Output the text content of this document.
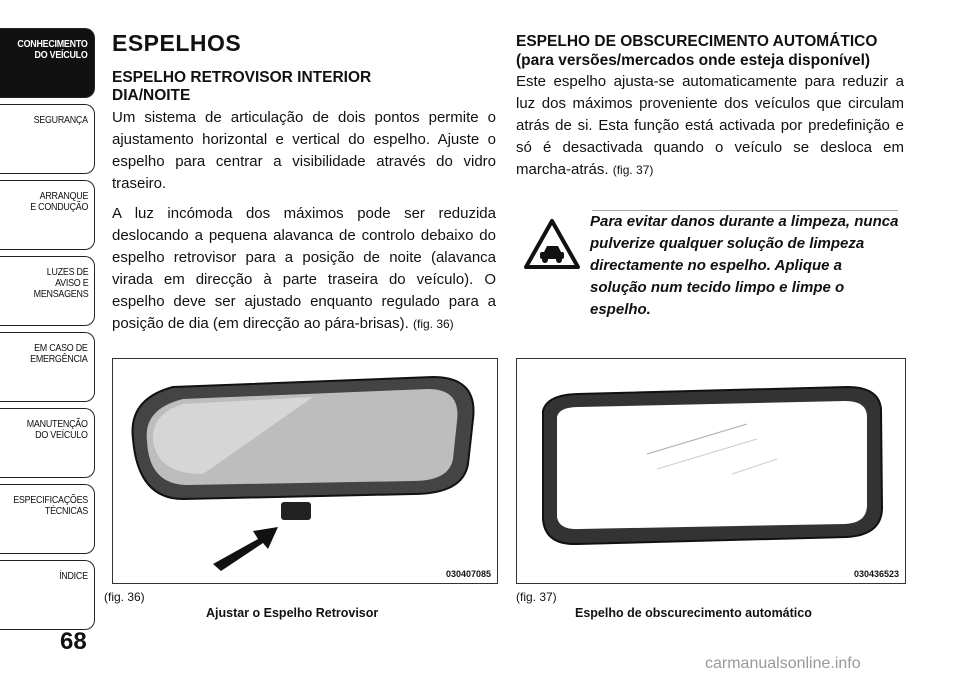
CONHECIMENTO
DO VEÍCULO
SEGURANÇA
ARRANQUE
E CONDUÇÃO
LUZES DE
AVISO E
MENSAGENS
EM CASO DE
EMERGÊNCIA
MANUTENÇÃO
DO VEÍCULO
ESPECIFICAÇÕES
TÉCNICAS
ÍNDICE
68
ESPELHOS
ESPELHO RETROVISOR INTERIOR DIA/NOITE

Um sistema de articulação de dois pontos permite o ajustamento horizontal e vertical do espelho. Ajuste o espelho para centrar a visibilidade através do vidro traseiro.

A luz incómoda dos máximos pode ser reduzida deslocando a pequena alavanca de controlo debaixo do espelho retrovisor para a posição de noite (alavanca virada em direcção à parte traseira do veículo). O espelho deve ser ajustado enquanto regulado para a posição de dia (em direcção ao pára-brisas). (fig. 36)

ESPELHO DE OBSCURECIMENTO AUTOMÁTICO (para versões/mercados onde esteja disponível)

Este espelho ajusta-se automaticamente para reduzir a luz dos máximos proveniente dos veículos que circulam atrás de si. Esta função está activada por predefinição e só é desactivada quando o veículo se desloca em marcha-atrás. (fig. 37)

Para evitar danos durante a limpeza, nunca pulverize qualquer solução de limpeza directamente no espelho. Aplique a solução num tecido limpo e limpe o espelho.
030407085
(fig. 36)
Ajustar o Espelho Retrovisor
030436523
(fig. 37)
Espelho de obscurecimento automático
carmanualsonline.info
